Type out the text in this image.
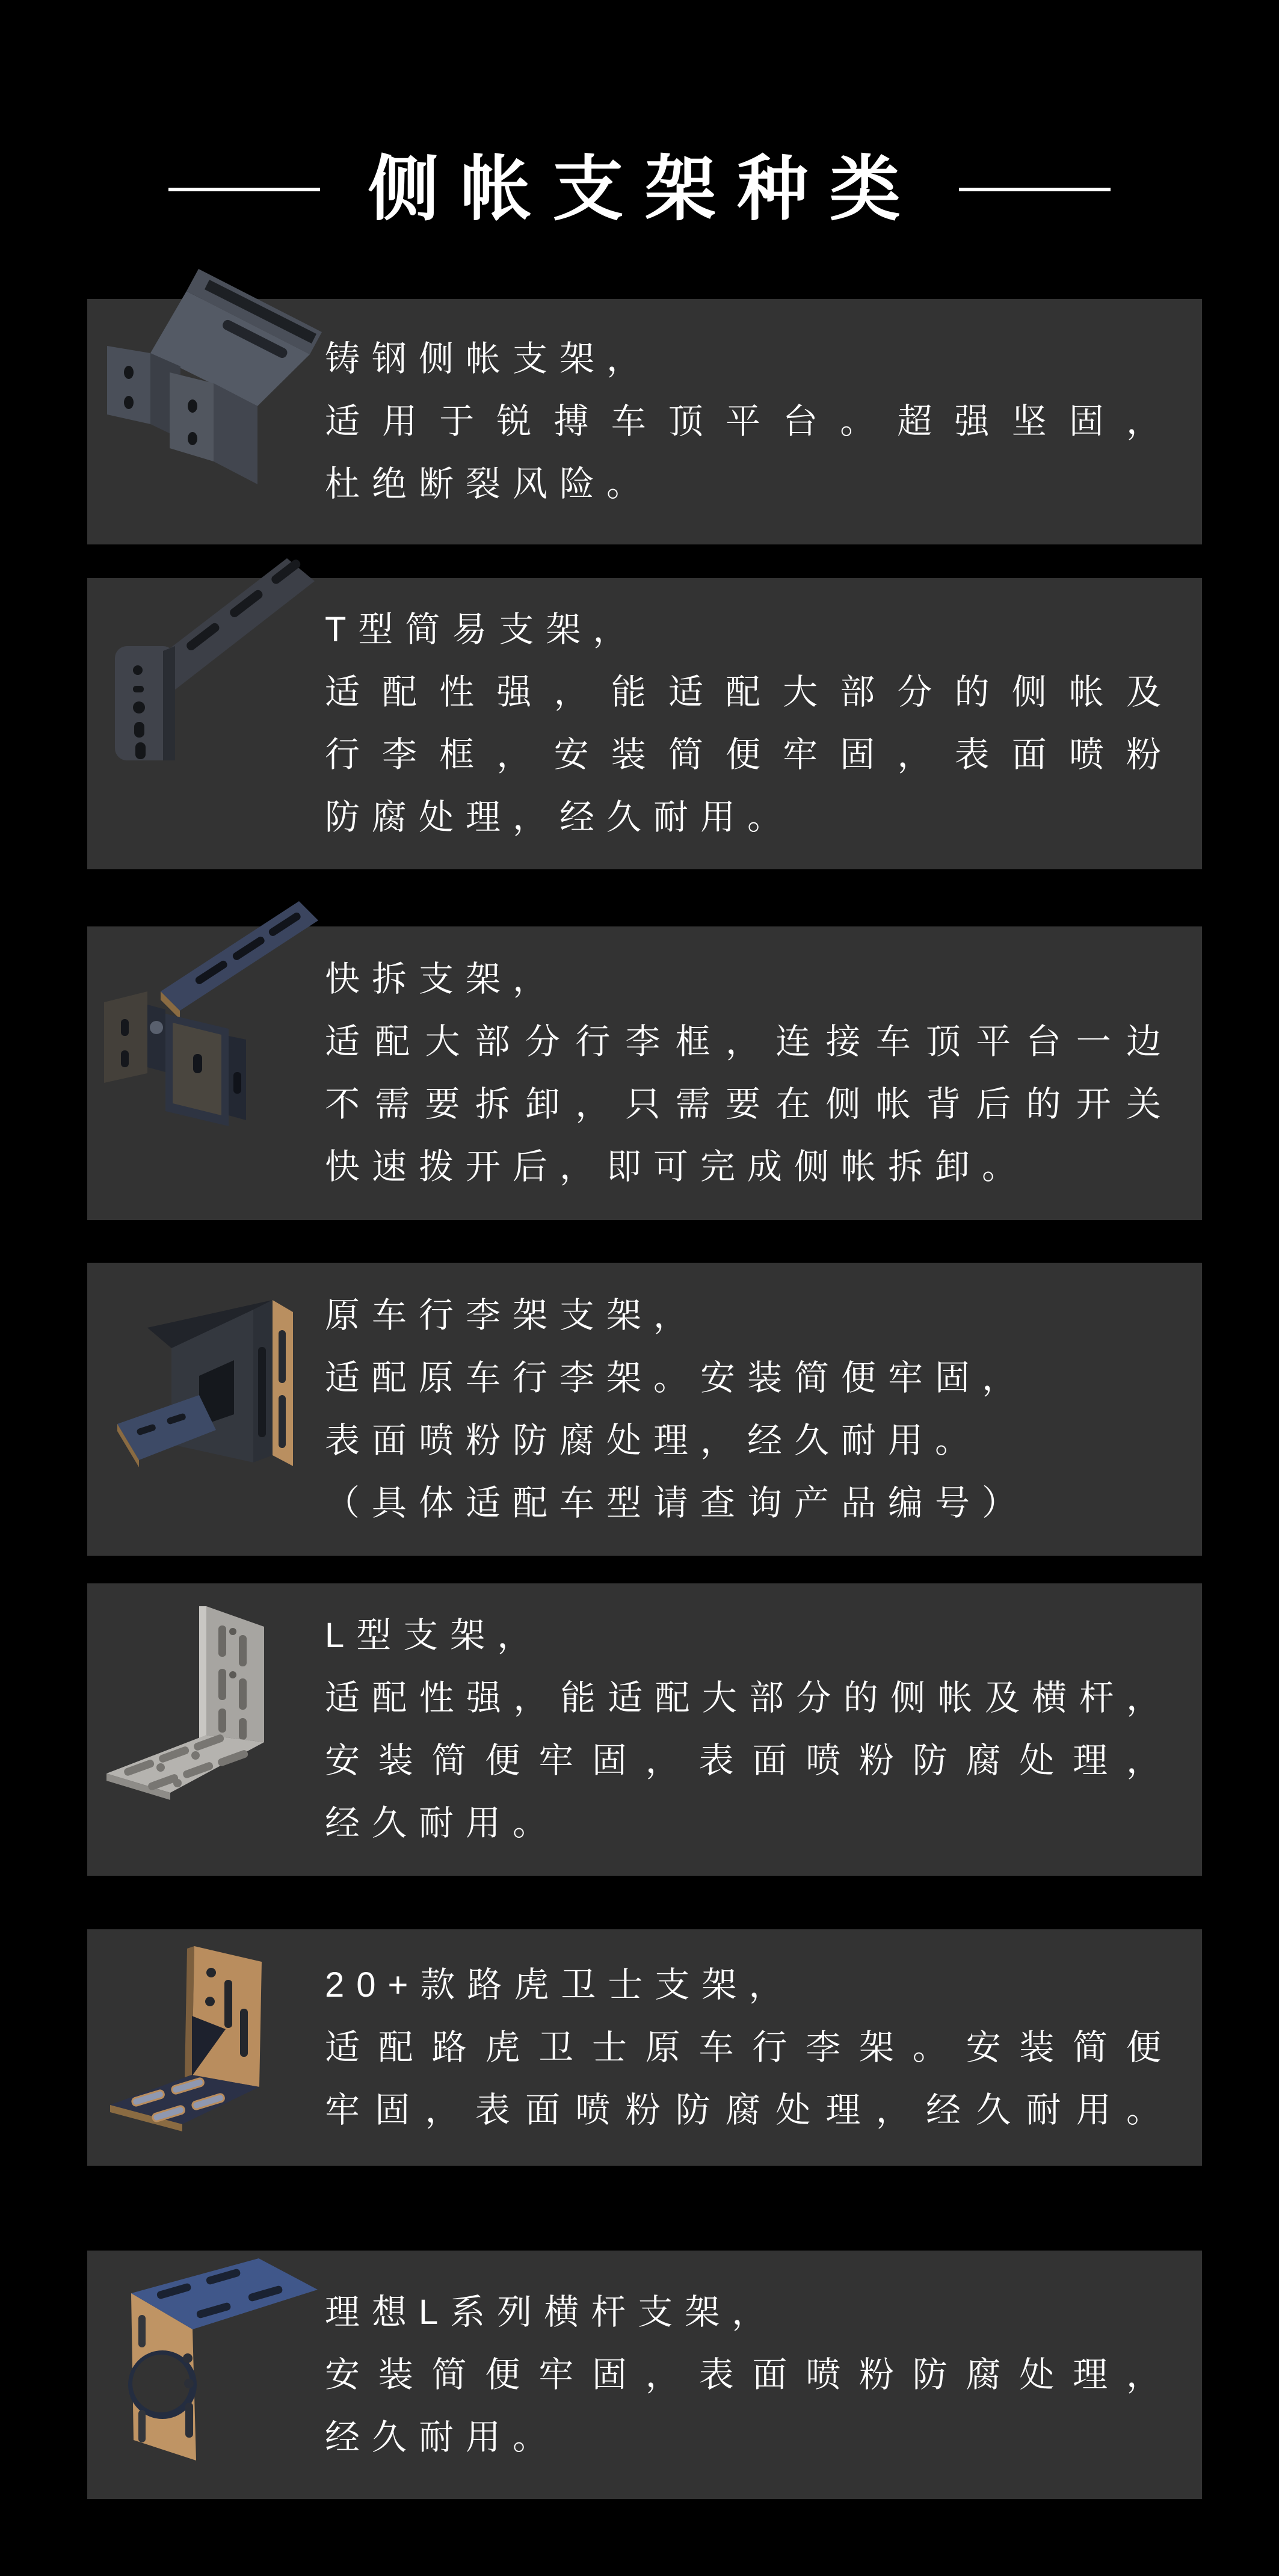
侧帐支架种类
铸钢侧帐支架，
适用于锐搏车顶平台。超强坚固，
杜绝断裂风险。
T型简易支架，
适配性强，能适配大部分的侧帐及
行李框，安装简便牢固，表面喷粉
防腐处理，经久耐用。
快拆支架，
适配大部分行李框，连接车顶平台一边
不需要拆卸，只需要在侧帐背后的开关
快速拨开后，即可完成侧帐拆卸。
原车行李架支架，
适配原车行李架。安装简便牢固，
表面喷粉防腐处理，经久耐用。
（具体适配车型请查询产品编号）
L型支架，
适配性强，能适配大部分的侧帐及横杆，
安装简便牢固，表面喷粉防腐处理，
经久耐用。
20+款路虎卫士支架，
适配路虎卫士原车行李架。安装简便
牢固，表面喷粉防腐处理，经久耐用。
理想L系列横杆支架，
安装简便牢固，表面喷粉防腐处理，
经久耐用。
